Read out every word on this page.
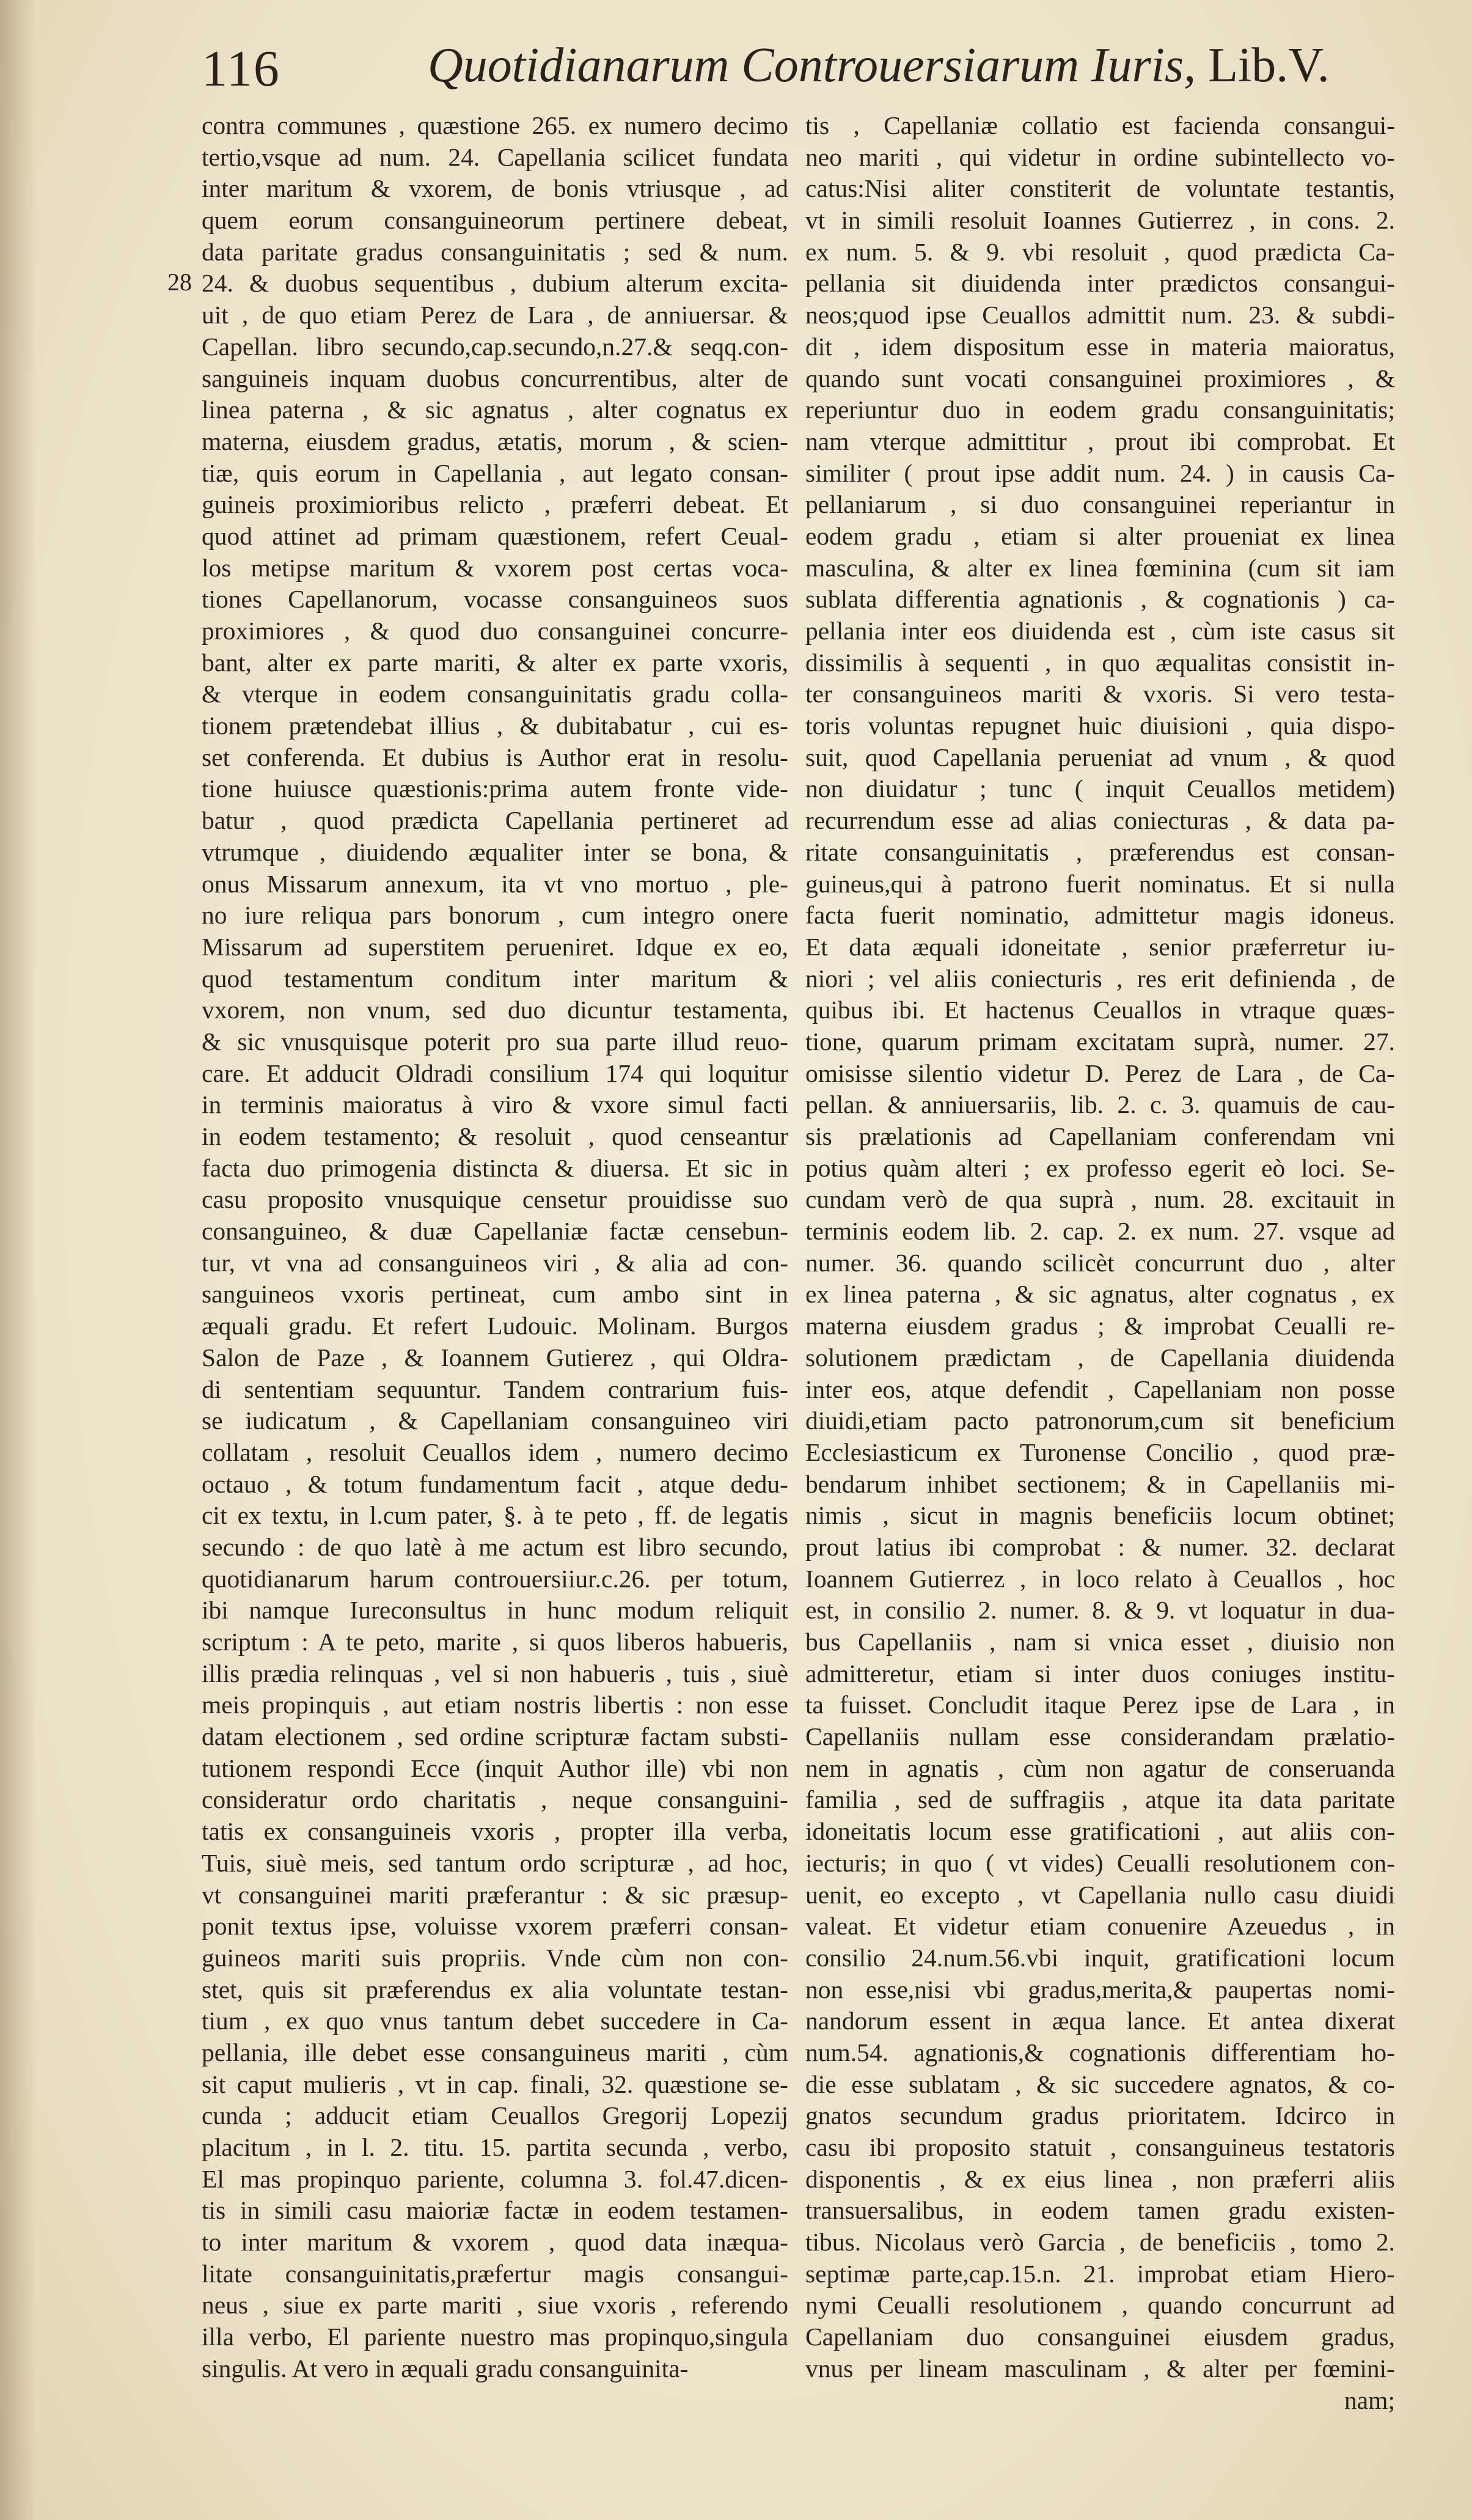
116	Quotidianarum Controuersiarum Iuris, Lib.V.
28
contra communes , quæstione 265. ex numero decimo
tertio,vsque ad num. 24. Capellania scilicet fundata
inter maritum & vxorem, de bonis vtriusque , ad
quem eorum consanguineorum pertinere debeat,
data paritate gradus consanguinitatis ; sed & num.
24. & duobus sequentibus , dubium alterum excita-
uit , de quo etiam Perez de Lara , de anniuersar. &
Capellan. libro secundo,cap.secundo,n.27.& seqq.con-
sanguineis inquam duobus concurrentibus, alter de
linea paterna , & sic agnatus , alter cognatus ex
materna, eiusdem gradus, ætatis, morum , & scien-
tiæ, quis eorum in Capellania , aut legato consan-
guineis proximioribus relicto , præferri debeat. Et
quod attinet ad primam quæstionem, refert Ceual-
los metipse maritum & vxorem post certas voca-
tiones Capellanorum, vocasse consanguineos suos
proximiores , & quod duo consanguinei concurre-
bant, alter ex parte mariti, & alter ex parte vxoris,
& vterque in eodem consanguinitatis gradu colla-
tionem prætendebat illius , & dubitabatur , cui es-
set conferenda. Et dubius is Author erat in resolu-
tione huiusce quæstionis:prima autem fronte vide-
batur , quod prædicta Capellania pertineret ad
vtrumque , diuidendo æqualiter inter se bona, &
onus Missarum annexum, ita vt vno mortuo , ple-
no iure reliqua pars bonorum , cum integro onere
Missarum ad superstitem perueniret. Idque ex eo,
quod testamentum conditum inter maritum &
vxorem, non vnum, sed duo dicuntur testamenta,
& sic vnusquisque poterit pro sua parte illud reuo-
care. Et adducit Oldradi consilium 174 qui loquitur
in terminis maioratus à viro & vxore simul facti
in eodem testamento; & resoluit , quod censeantur
facta duo primogenia distincta & diuersa. Et sic in
casu proposito vnusquique censetur prouidisse suo
consanguineo, & duæ Capellaniæ factæ censebun-
tur, vt vna ad consanguineos viri , & alia ad con-
sanguineos vxoris pertineat, cum ambo sint in
æquali gradu. Et refert Ludouic. Molinam. Burgos
Salon de Paze , & Ioannem Gutierez , qui Oldra-
di sententiam sequuntur. Tandem contrarium fuis-
se iudicatum , & Capellaniam consanguineo viri
collatam , resoluit Ceuallos idem , numero decimo
octauo , & totum fundamentum facit , atque dedu-
cit ex textu, in l.cum pater, §. à te peto , ff. de legatis
secundo : de quo latè à me actum est libro secundo,
quotidianarum harum controuersiiur.c.26. per totum,
ibi namque Iureconsultus in hunc modum reliquit
scriptum : A te peto, marite , si quos liberos habueris,
illis prædia relinquas , vel si non habueris , tuis , siuè
meis propinquis , aut etiam nostris libertis : non esse
datam electionem , sed ordine scripturæ factam substi-
tutionem respondi Ecce (inquit Author ille) vbi non
consideratur ordo charitatis , neque consanguini-
tatis ex consanguineis vxoris , propter illa verba,
Tuis, siuè meis, sed tantum ordo scripturæ , ad hoc,
vt consanguinei mariti præferantur : & sic præsup-
ponit textus ipse, voluisse vxorem præferri consan-
guineos mariti suis propriis. Vnde cùm non con-
stet, quis sit præferendus ex alia voluntate testan-
tium , ex quo vnus tantum debet succedere in Ca-
pellania, ille debet esse consanguineus mariti , cùm
sit caput mulieris , vt in cap. finali, 32. quæstione se-
cunda ; adducit etiam Ceuallos Gregorij Lopezij
placitum , in l. 2. titu. 15. partita secunda , verbo,
El mas propinquo pariente, columna 3. fol.47.dicen-
tis in simili casu maioriæ factæ in eodem testamen-
to inter maritum & vxorem , quod data inæqua-
litate consanguinitatis,præfertur magis consangui-
neus , siue ex parte mariti , siue vxoris , referendo
illa verbo, El pariente nuestro mas propinquo,singula
singulis. At vero in æquali gradu consanguinita-
tis , Capellaniæ collatio est facienda consangui-
neo mariti , qui videtur in ordine subintellecto vo-
catus:Nisi aliter constiterit de voluntate testantis,
vt in simili resoluit Ioannes Gutierrez , in cons. 2.
ex num. 5. & 9. vbi resoluit , quod prædicta Ca-
pellania sit diuidenda inter prædictos consangui-
neos;quod ipse Ceuallos admittit num. 23. & subdi-
dit , idem dispositum esse in materia maioratus,
quando sunt vocati consanguinei proximiores , &
reperiuntur duo in eodem gradu consanguinitatis;
nam vterque admittitur , prout ibi comprobat. Et
similiter ( prout ipse addit num. 24. ) in causis Ca-
pellaniarum , si duo consanguinei reperiantur in
eodem gradu , etiam si alter proueniat ex linea
masculina, & alter ex linea fœminina (cum sit iam
sublata differentia agnationis , & cognationis ) ca-
pellania inter eos diuidenda est , cùm iste casus sit
dissimilis à sequenti , in quo æqualitas consistit in-
ter consanguineos mariti & vxoris. Si vero testa-
toris voluntas repugnet huic diuisioni , quia dispo-
suit, quod Capellania perueniat ad vnum , & quod
non diuidatur ; tunc ( inquit Ceuallos metidem)
recurrendum esse ad alias coniecturas , & data pa-
ritate consanguinitatis , præferendus est consan-
guineus,qui à patrono fuerit nominatus. Et si nulla
facta fuerit nominatio, admittetur magis idoneus.
Et data æquali idoneitate , senior præferretur iu-
niori ; vel aliis coniecturis , res erit definienda , de
quibus ibi. Et hactenus Ceuallos in vtraque quæs-
tione, quarum primam excitatam suprà, numer. 27.
omisisse silentio videtur D. Perez de Lara , de Ca-
pellan. & anniuersariis, lib. 2. c. 3. quamuis de cau-
sis prælationis ad Capellaniam conferendam vni
potius quàm alteri ; ex professo egerit eò loci. Se-
cundam verò de qua suprà , num. 28. excitauit in
terminis eodem lib. 2. cap. 2. ex num. 27. vsque ad
numer. 36. quando scilicèt concurrunt duo , alter
ex linea paterna , & sic agnatus, alter cognatus , ex
materna eiusdem gradus ; & improbat Ceualli re-
solutionem prædictam , de Capellania diuidenda
inter eos, atque defendit , Capellaniam non posse
diuidi,etiam pacto patronorum,cum sit beneficium
Ecclesiasticum ex Turonense Concilio , quod præ-
bendarum inhibet sectionem; & in Capellaniis mi-
nimis , sicut in magnis beneficiis locum obtinet;
prout latius ibi comprobat : & numer. 32. declarat
Ioannem Gutierrez , in loco relato à Ceuallos , hoc
est, in consilio 2. numer. 8. & 9. vt loquatur in dua-
bus Capellaniis , nam si vnica esset , diuisio non
admitteretur, etiam si inter duos coniuges institu-
ta fuisset. Concludit itaque Perez ipse de Lara , in
Capellaniis nullam esse considerandam prælatio-
nem in agnatis , cùm non agatur de conseruanda
familia , sed de suffragiis , atque ita data paritate
idoneitatis locum esse gratificationi , aut aliis con-
iecturis; in quo ( vt vides) Ceualli resolutionem con-
uenit, eo excepto , vt Capellania nullo casu diuidi
valeat. Et videtur etiam conuenire Azeuedus , in
consilio 24.num.56.vbi inquit, gratificationi locum
non esse,nisi vbi gradus,merita,& paupertas nomi-
nandorum essent in æqua lance. Et antea dixerat
num.54. agnationis,& cognationis differentiam ho-
die esse sublatam , & sic succedere agnatos, & co-
gnatos secundum gradus prioritatem. Idcirco in
casu ibi proposito statuit , consanguineus testatoris
disponentis , & ex eius linea , non præferri aliis
transuersalibus, in eodem tamen gradu existen-
tibus. Nicolaus verò Garcia , de beneficiis , tomo 2.
septimæ parte,cap.15.n. 21. improbat etiam Hiero-
nymi Ceualli resolutionem , quando concurrunt ad
Capellaniam duo consanguinei eiusdem gradus,
vnus per lineam masculinam , & alter per fœmini-
nam;
